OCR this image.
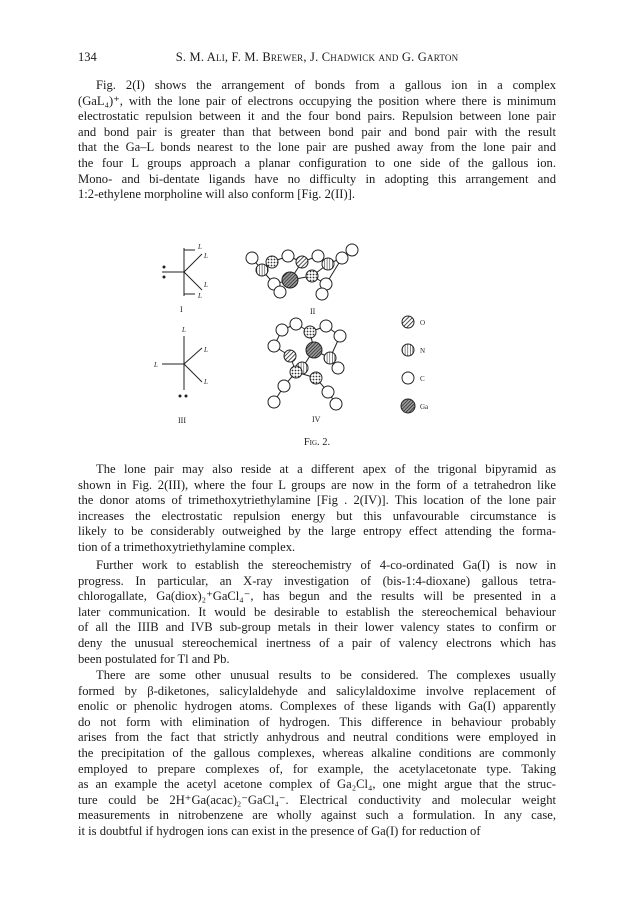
134	S. M. Ali, F. M. Brewer, J. Chadwick and G. Garton
Fig. 2(I) shows the arrangement of bonds from a gallous ion in a complex
(GaL₄)⁺, with the lone pair of electrons occupying the position where there is minimum
electrostatic repulsion between it and the four bond pairs. Repulsion between lone pair
and bond pair is greater than that between bond pair and bond pair with the result
that the Ga–L bonds nearest to the lone pair are pushed away from the lone pair and
the four L groups approach a planar configuration to one side of the gallous ion.
Mono- and bi-dentate ligands have no difficulty in adopting this arrangement and
1:2-ethylene morpholine will also conform [Fig. 2(II)].
L
L
L
L
I	II
L
L
L
L
III	IV
O
N
C
Ga
Fig. 2.
The lone pair may also reside at a different apex of the trigonal bipyramid as
shown in Fig. 2(III), where the four L groups are now in the form of a tetrahedron like
the donor atoms of trimethoxytriethylamine [Fig . 2(IV)]. This location of the lone pair
increases the electrostatic repulsion energy but this unfavourable circumstance is
likely to be considerably outweighed by the large entropy effect attending the forma-
tion of a trimethoxytriethylamine complex.
Further work to establish the stereochemistry of 4-co-ordinated Ga(I) is now in
progress. In particular, an X-ray investigation of (bis-1:4-dioxane) gallous tetra-
chlorogallate, Ga(diox)₂⁺GaCl₄⁻, has begun and the results will be presented in a
later communication. It would be desirable to establish the stereochemical behaviour
of all the IIIB and IVB sub-group metals in their lower valency states to confirm or
deny the unusual stereochemical inertness of a pair of valency electrons which has
been postulated for Tl and Pb.
There are some other unusual results to be considered. The complexes usually
formed by β-diketones, salicylaldehyde and salicylaldoxime involve replacement of
enolic or phenolic hydrogen atoms. Complexes of these ligands with Ga(I) apparently
do not form with elimination of hydrogen. This difference in behaviour probably
arises from the fact that strictly anhydrous and neutral conditions were employed in
the precipitation of the gallous complexes, whereas alkaline conditions are commonly
employed to prepare complexes of, for example, the acetylacetonate type. Taking
as an example the acetyl acetone complex of Ga₂Cl₄, one might argue that the struc-
ture could be 2H⁺Ga(acac)₂⁻GaCl₄⁻. Electrical conductivity and molecular weight
measurements in nitrobenzene are wholly against such a formulation. In any case,
it is doubtful if hydrogen ions can exist in the presence of Ga(I) for reduction of
